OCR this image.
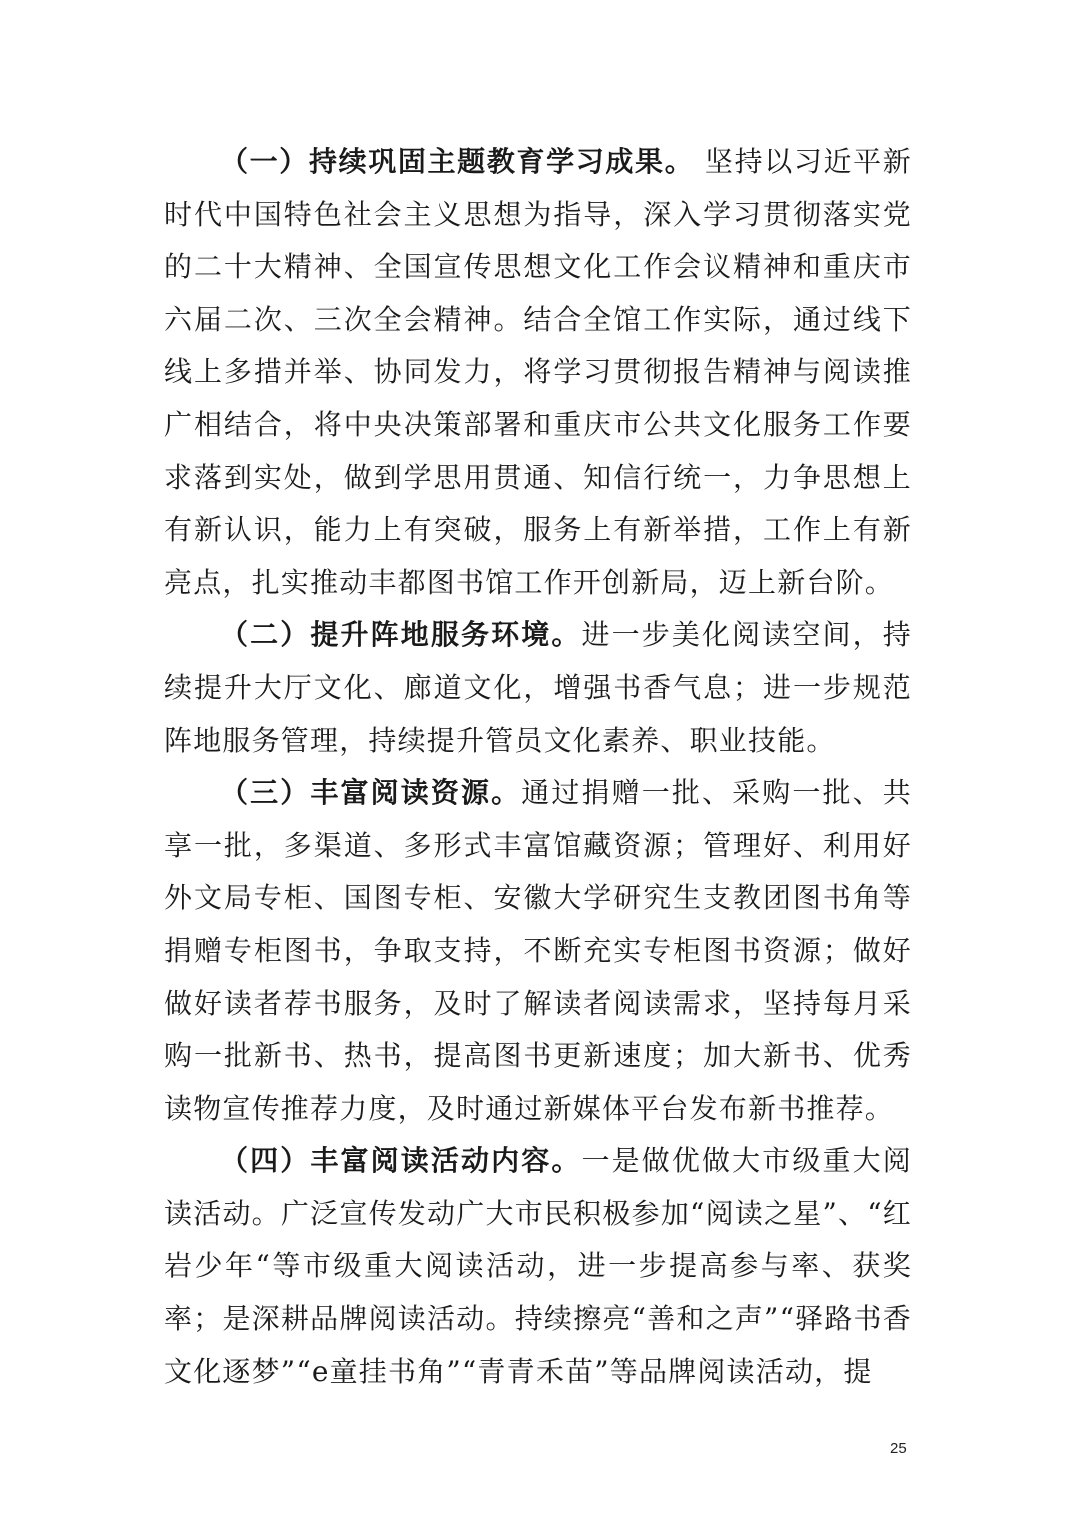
（一）持续巩固主题教育学习成果。 坚持以习近平新时代中国特色社会主义思想为指导，深入学习贯彻落实党的二十大精神、全国宣传思想文化工作会议精神和重庆市六届二次、三次全会精神。结合全馆工作实际，通过线下线上多措并举、协同发力，将学习贯彻报告精神与阅读推广相结合，将中央决策部署和重庆市公共文化服务工作要求落到实处，做到学思用贯通、知信行统一，力争思想上有新认识，能力上有突破，服务上有新举措，工作上有新亮点，扎实推动丰都图书馆工作开创新局，迈上新台阶。

（二）提升阵地服务环境。进一步美化阅读空间，持续提升大厅文化、廊道文化，增强书香气息；进一步规范阵地服务管理，持续提升管员文化素养、职业技能。

（三）丰富阅读资源。通过捐赠一批、采购一批、共享一批，多渠道、多形式丰富馆藏资源；管理好、利用好外文局专柜、国图专柜、安徽大学研究生支教团图书角等捐赠专柜图书，争取支持，不断充实专柜图书资源；做好做好读者荐书服务，及时了解读者阅读需求，坚持每月采购一批新书、热书，提高图书更新速度；加大新书、优秀读物宣传推荐力度，及时通过新媒体平台发布新书推荐。

（四）丰富阅读活动内容。一是做优做大市级重大阅读活动。广泛宣传发动广大市民积极参加“阅读之星”、“红岩少年“等市级重大阅读活动，进一步提高参与率、获奖率；是深耕品牌阅读活动。持续擦亮“善和之声”“驿路书香 文化逐梦”“e童挂书角”“青青禾苗”等品牌阅读活动，提

25
